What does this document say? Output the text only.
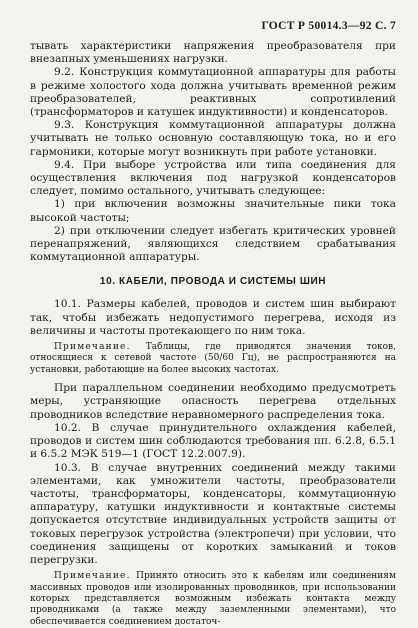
ГОСТ Р 50014.3—92 С. 7

тывать характеристики напряжения преобразователя при внезапных уменьшениях нагрузки.

9.2. Конструкция коммутационной аппаратуры для работы в режиме холостого хода должна учитывать временной режим преобразователей, реактивных сопротивлений (трансформаторов и катушек индуктивности) и конденсаторов.

9.3. Конструкция коммутационной аппаратуры должна учитывать не только основную составляющую тока, но и его гармоники, которые могут возникнуть при работе установки.

9.4. При выборе устройства или типа соединения для осуществления включения под нагрузкой конденсаторов следует, помимо остального, учитывать следующее:

1) при включении возможны значительные пики тока высокой частоты;

2) при отключении следует избегать критических уровней перенапряжений, являющихся следствием срабатывания коммутационной аппаратуры.

10. КАБЕЛИ, ПРОВОДА И СИСТЕМЫ ШИН

10.1. Размеры кабелей, проводов и систем шин выбирают так, чтобы избежать недопустимого перегрева, исходя из величины и частоты протекающего по ним тока.

Примечание. Таблицы, где приводятся значения токов, относящиеся к сетевой частоте (50/60 Гц), не распространяются на установки, работающие на более высоких частотах.

При параллельном соединении необходимо предусмотреть меры, устраняющие опасность перегрева отдельных проводников вследствие неравномерного распределения тока.

10.2. В случае принудительного охлаждения кабелей, проводов и систем шин соблюдаются требования пп. 6.2.8, 6.5.1 и 6.5.2 МЭК 519—1 (ГОСТ 12.2.007.9).

10.3. В случае внутренних соединений между такими элементами, как умножители частоты, преобразователи частоты, трансформаторы, конденсаторы, коммутационную аппаратуру, катушки индуктивности и контактные системы допускается отсутствие индивидуальных устройств защиты от токовых перегрузок устройства (электропечи) при условии, что соединения защищены от коротких замыканий и токов перегрузки.

Примечание. Принято относить это к кабелям или соединениям массивных проводов или изолированных проводников, при использовании которых представляется возможным избежать контакта между проводниками (а также между заземленными элементами), что обеспечивается соединением достаточ-
